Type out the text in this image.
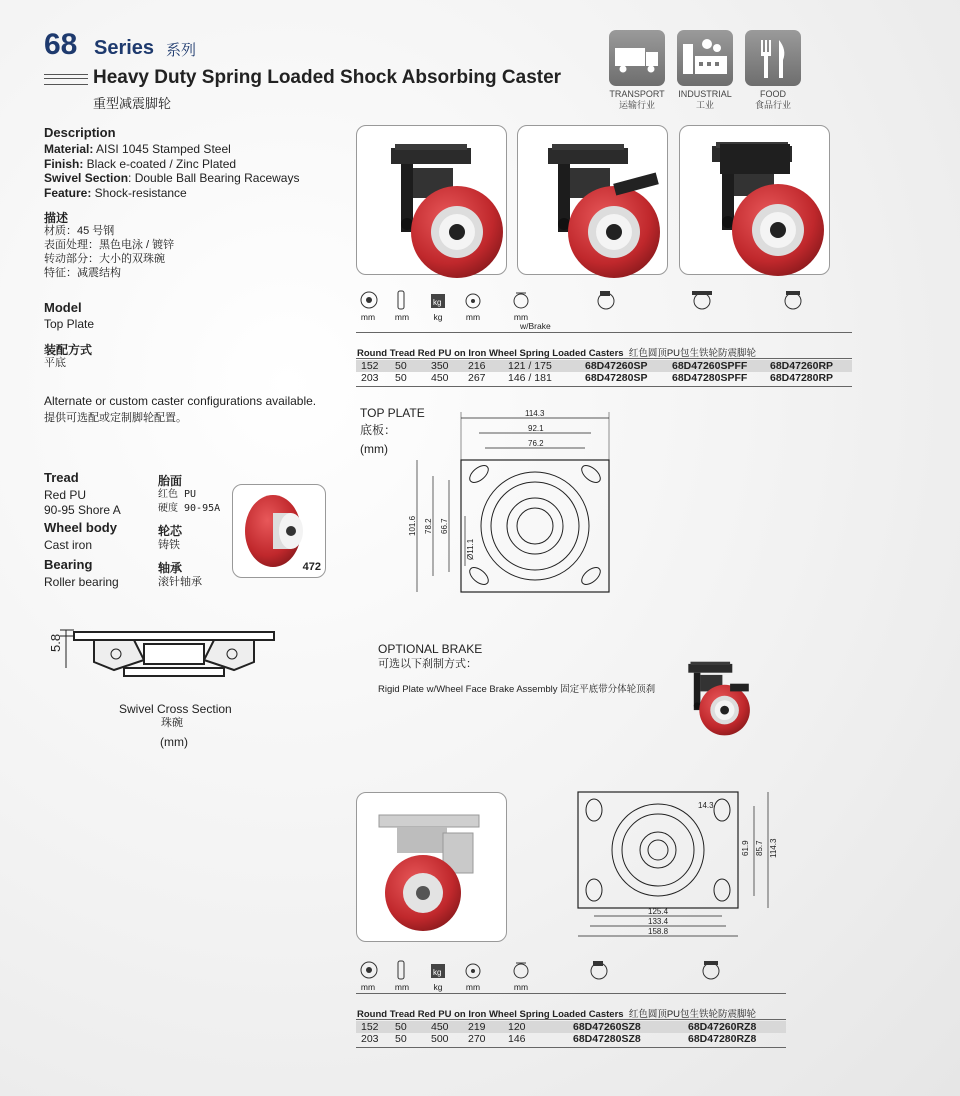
68 Series 系列
Heavy Duty Spring Loaded Shock Absorbing Caster
重型减震脚轮
TRANSPORT
运输行业
INDUSTRIAL
工业
FOOD
食品行业
Description
Material: AISI 1045 Stamped Steel
Finish: Black e-coated / Zinc Plated
Swivel Section: Double Ball Bearing Raceways
Feature: Shock-resistance
描述
材质：45 号钢
表面处理：黑色电泳 / 镀锌
转动部分：大小的双珠碗
特征：减震结构
Model
Top Plate
装配方式
平底
Alternate or custom caster configurations available.
提供可选配或定制脚轮配置。
Tread
Red PU
90-95 Shore A
胎面
红色 PU
硬度 90-95A
Wheel body
Cast iron
轮芯
铸铁
Bearing
Roller bearing
轴承
滚针轴承
472
5.8
Swivel Cross Section
珠碗
(mm)
kg
mm	mm	kg	mm	mm
w/Brake
Round Tread Red PU on Iron Wheel Spring Loaded Casters 红色圆顶PU包生铁轮防震脚轮
152	50	350	216	121 / 175	68D47260SP	68D47260SPFF	68D47260RP
203	50	450	267	146 / 181	68D47280SP	68D47280SPFF	68D47280RP
TOP PLATE
底板：
(mm)
114.3
92.1
76.2
101.6 78.2 66.7
Ø11.1
OPTIONAL BRAKE
可选以下刹制方式：
Rigid Plate w/Wheel Face Brake Assembly 固定平底带分体轮顶刹
14.3
61.9 85.7 114.3
125.4
133.4
158.8
kg
mm	mm	kg	mm	mm
Round Tread Red PU on Iron Wheel Spring Loaded Casters 红色圆顶PU包生铁轮防震脚轮
152	50	450	219	120	68D47260SZ8	68D47260RZ8
203	50	500	270	146	68D47280SZ8	68D47280RZ8
